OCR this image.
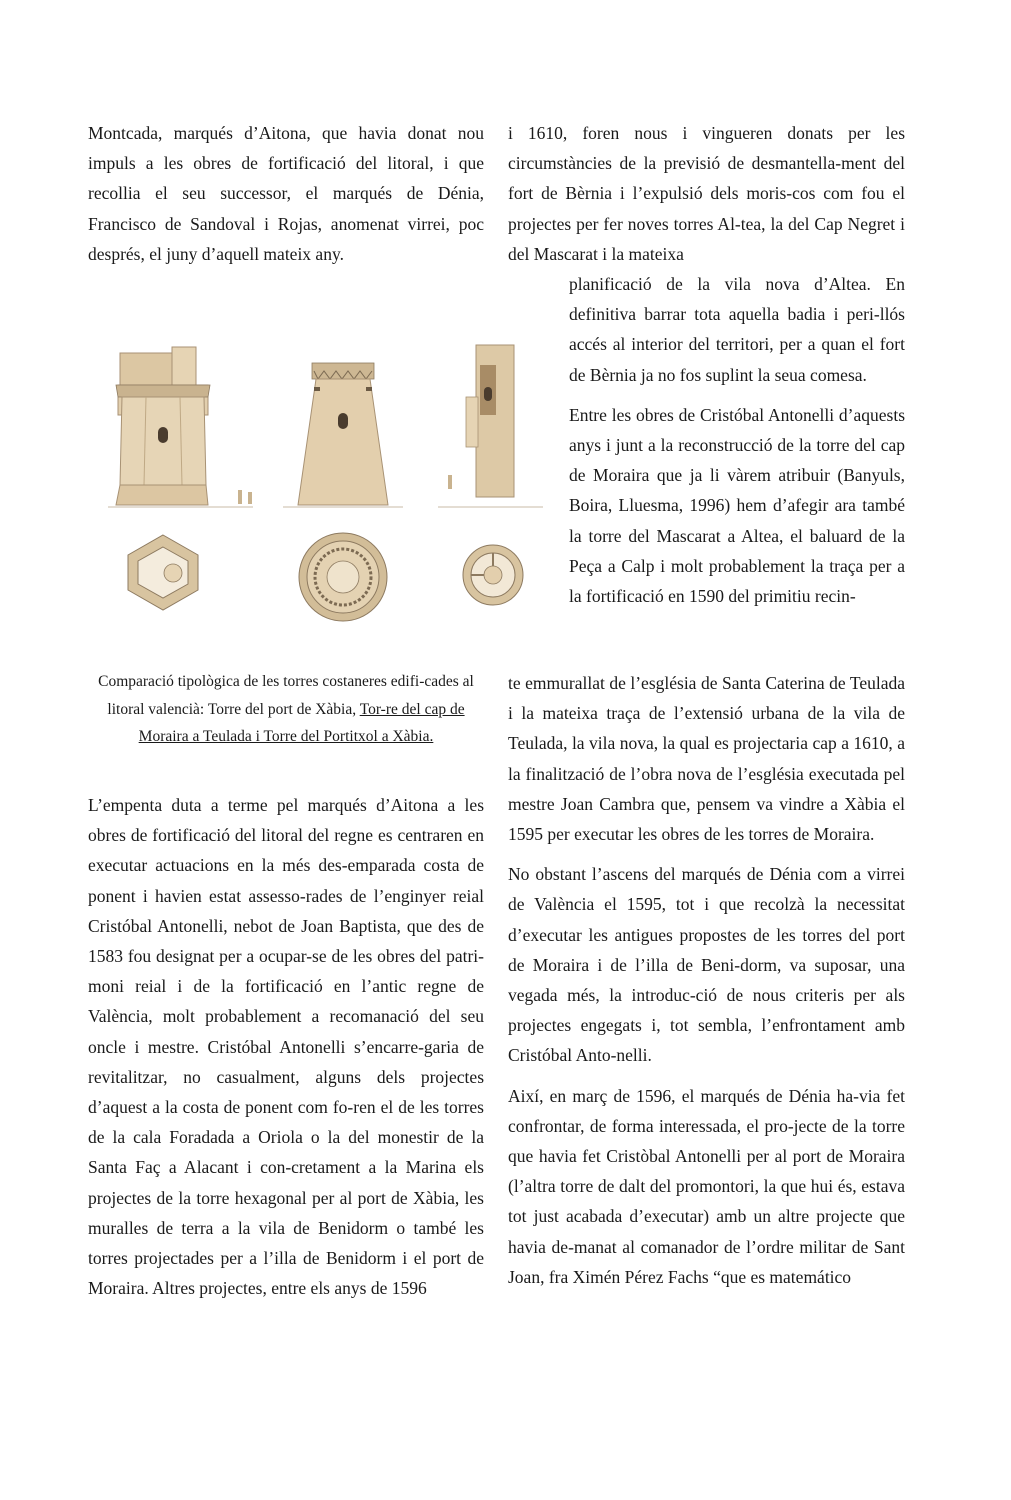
Montcada, marqués d’Aitona, que havia donat nou impuls a les obres de fortificació del litoral, i que recollia el seu successor, el marqués de Dénia, Francisco de Sandoval i Rojas, anomenat virrei, poc després, el juny d’aquell mateix any.

Comparació tipològica de les torres costaneres edifi-cades al litoral valencià: Torre del port de Xàbia, Tor-re del cap de Moraira a Teulada i Torre del Portitxol a Xàbia.

L’empenta duta a terme pel marqués d’Aitona a les obres de fortificació del litoral del regne es centraren en executar actuacions en la més des-emparada costa de ponent i havien estat assesso-rades de l’enginyer reial Cristóbal Antonelli, nebot de Joan Baptista, que des de 1583 fou designat per a ocupar-se de les obres del patri-moni reial i de la fortificació en l’antic regne de València, molt probablement a recomanació del seu oncle i mestre. Cristóbal Antonelli s’encarre-garia de revitalitzar, no casualment, alguns dels projectes d’aquest a la costa de ponent com fo-ren el de les torres de la cala Foradada a Oriola o la del monestir de la Santa Faç a Alacant i con-cretament a la Marina els projectes de la torre hexagonal per al port de Xàbia, les muralles de terra a la vila de Benidorm o també les torres projectades per a l’illa de Benidorm i el port de Moraira. Altres projectes, entre els anys de 1596

i 1610, foren nous i vingueren donats per les circumstàncies de la previsió de desmantella-ment del fort de Bèrnia i l’expulsió dels moris-cos com fou el projectes per fer noves torres Al-tea, la del Cap Negret i del Mascarat i la mateixa

planificació de la vila nova d’Altea. En definitiva barrar tota aquella badia i peri-llós accés al interior del territori, per a quan el fort de Bèrnia ja no fos suplint la seua comesa.

Entre les obres de Cristóbal Antonelli d’aquests anys i junt a la reconstrucció de la torre del cap de Moraira que ja li vàrem atribuir (Banyuls, Boira, Lluesma, 1996) hem d’afegir ara també la torre del Mascarat a Altea, el baluard de la Peça a Calp i molt probablement la traça per a la fortificació en 1590 del primitiu recin-

te emmurallat de l’església de Santa Caterina de Teulada i la mateixa traça de l’extensió urbana de la vila de Teulada, la vila nova, la qual es projectaria cap a 1610, a la finalització de l’obra nova de l’església executada pel mestre Joan Cambra que, pensem va vindre a Xàbia el 1595 per executar les obres de les torres de Moraira.

No obstant l’ascens del marqués de Dénia com a virrei de València el 1595, tot i que recolzà la necessitat d’executar les antigues propostes de les torres del port de Moraira i de l’illa de Beni-dorm, va suposar, una vegada més, la introduc-ció de nous criteris per als projectes engegats i, tot sembla, l’enfrontament amb Cristóbal Anto-nelli.

Així, en març de 1596, el marqués de Dénia ha-via fet confrontar, de forma interessada, el pro-jecte de la torre que havia fet Cristòbal Antonelli per al port de Moraira (l’altra torre de dalt del promontori, la que hui és, estava tot just acabada d’executar) amb un altre projecte que havia de-manat al comanador de l’ordre militar de Sant Joan, fra Ximén Pérez Fachs “que es matemático
